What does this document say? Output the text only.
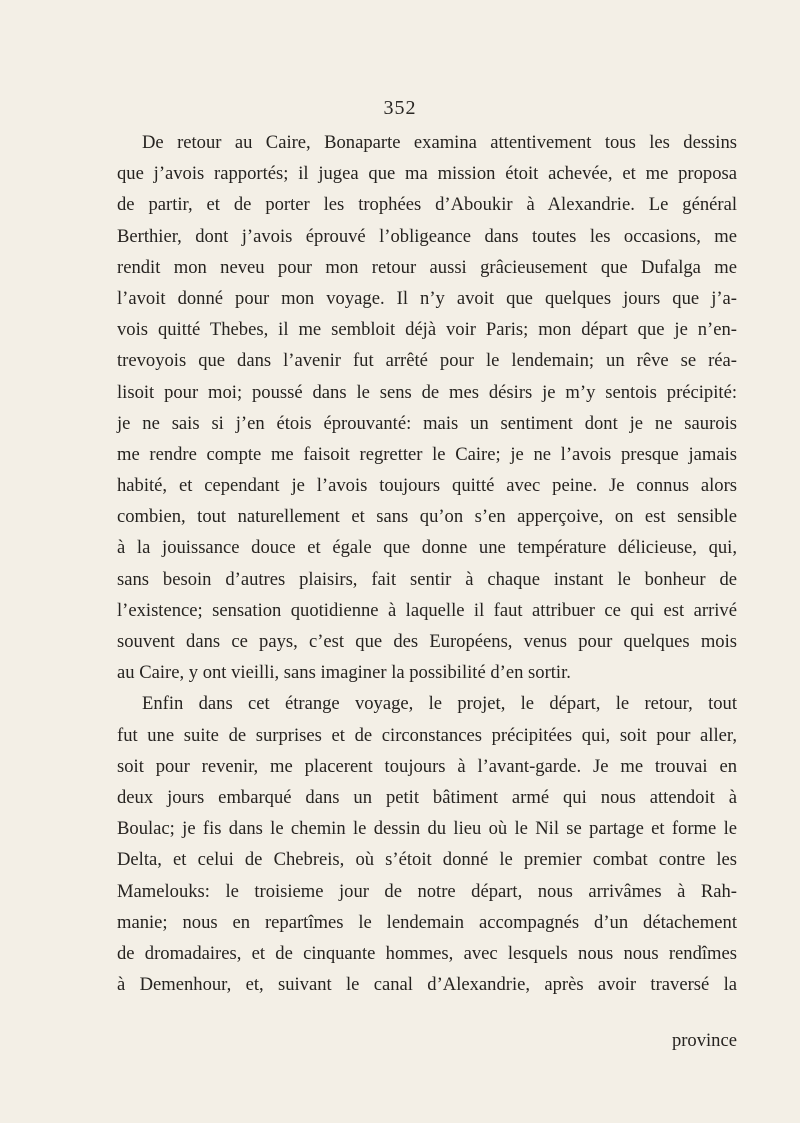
352
De retour au Caire, Bonaparte examina attentivement tous les dessins
que j’avois rapportés; il jugea que ma mission étoit achevée, et me proposa
de partir, et de porter les trophées d’Aboukir à Alexandrie. Le général
Berthier, dont j’avois éprouvé l’obligeance dans toutes les occasions, me
rendit mon neveu pour mon retour aussi grâcieusement que Dufalga me
l’avoit donné pour mon voyage. Il n’y avoit que quelques jours que j’a-
vois quitté Thebes, il me sembloit déjà voir Paris; mon départ que je n’en-
trevoyois que dans l’avenir fut arrêté pour le lendemain; un rêve se réa-
lisoit pour moi; poussé dans le sens de mes désirs je m’y sentois précipité:
je ne sais si j’en étois éprouvanté: mais un sentiment dont je ne saurois
me rendre compte me faisoit regretter le Caire; je ne l’avois presque jamais
habité, et cependant je l’avois toujours quitté avec peine. Je connus alors
combien, tout naturellement et sans qu’on s’en apperçoive, on est sensible
à la jouissance douce et égale que donne une température délicieuse, qui,
sans besoin d’autres plaisirs, fait sentir à chaque instant le bonheur de
l’existence; sensation quotidienne à laquelle il faut attribuer ce qui est arrivé
souvent dans ce pays, c’est que des Européens, venus pour quelques mois
au Caire, y ont vieilli, sans imaginer la possibilité d’en sortir.
Enfin dans cet étrange voyage, le projet, le départ, le retour, tout
fut une suite de surprises et de circonstances précipitées qui, soit pour aller,
soit pour revenir, me placerent toujours à l’avant-garde. Je me trouvai en
deux jours embarqué dans un petit bâtiment armé qui nous attendoit à
Boulac; je fis dans le chemin le dessin du lieu où le Nil se partage et forme le
Delta, et celui de Chebreis, où s’étoit donné le premier combat contre les
Mamelouks: le troisieme jour de notre départ, nous arrivâmes à Rah-
manie; nous en repartîmes le lendemain accompagnés d’un détachement
de dromadaires, et de cinquante hommes, avec lesquels nous nous rendîmes
à Demenhour, et, suivant le canal d’Alexandrie, après avoir traversé la
province
